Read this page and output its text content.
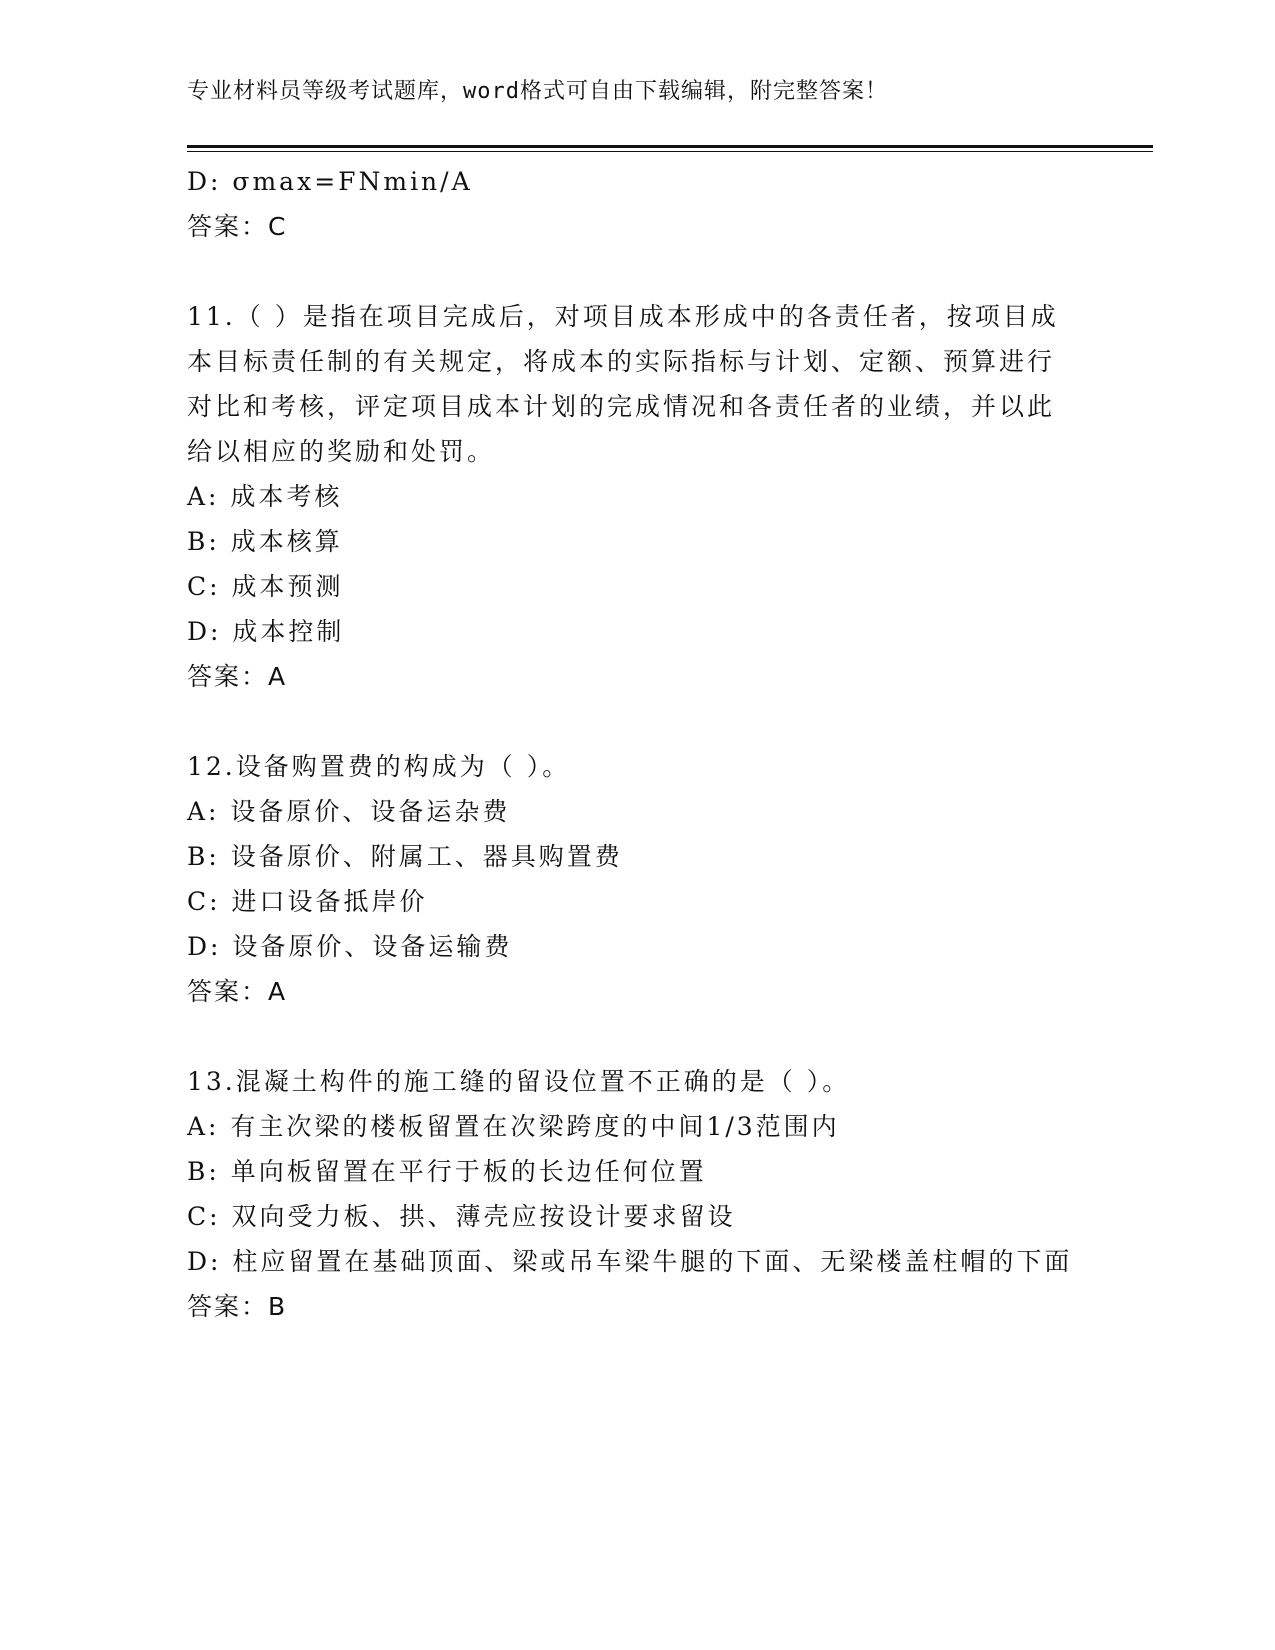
专业材料员等级考试题库，word格式可自由下载编辑，附完整答案！
D: σmax=FNmin/A
答案：C
11.（ ）是指在项目完成后，对项目成本形成中的各责任者，按项目成本目标责任制的有关规定，将成本的实际指标与计划、定额、预算进行对比和考核，评定项目成本计划的完成情况和各责任者的业绩，并以此给以相应的奖励和处罚。
A: 成本考核
B: 成本核算
C: 成本预测
D: 成本控制
答案：A
12.设备购置费的构成为（ ）。
A: 设备原价、设备运杂费
B: 设备原价、附属工、器具购置费
C: 进口设备抵岸价
D: 设备原价、设备运输费
答案：A
13.混凝土构件的施工缝的留设位置不正确的是（ ）。
A: 有主次梁的楼板留置在次梁跨度的中间1/3范围内
B: 单向板留置在平行于板的长边任何位置
C: 双向受力板、拱、薄壳应按设计要求留设
D: 柱应留置在基础顶面、梁或吊车梁牛腿的下面、无梁楼盖柱帽的下面
答案：B
